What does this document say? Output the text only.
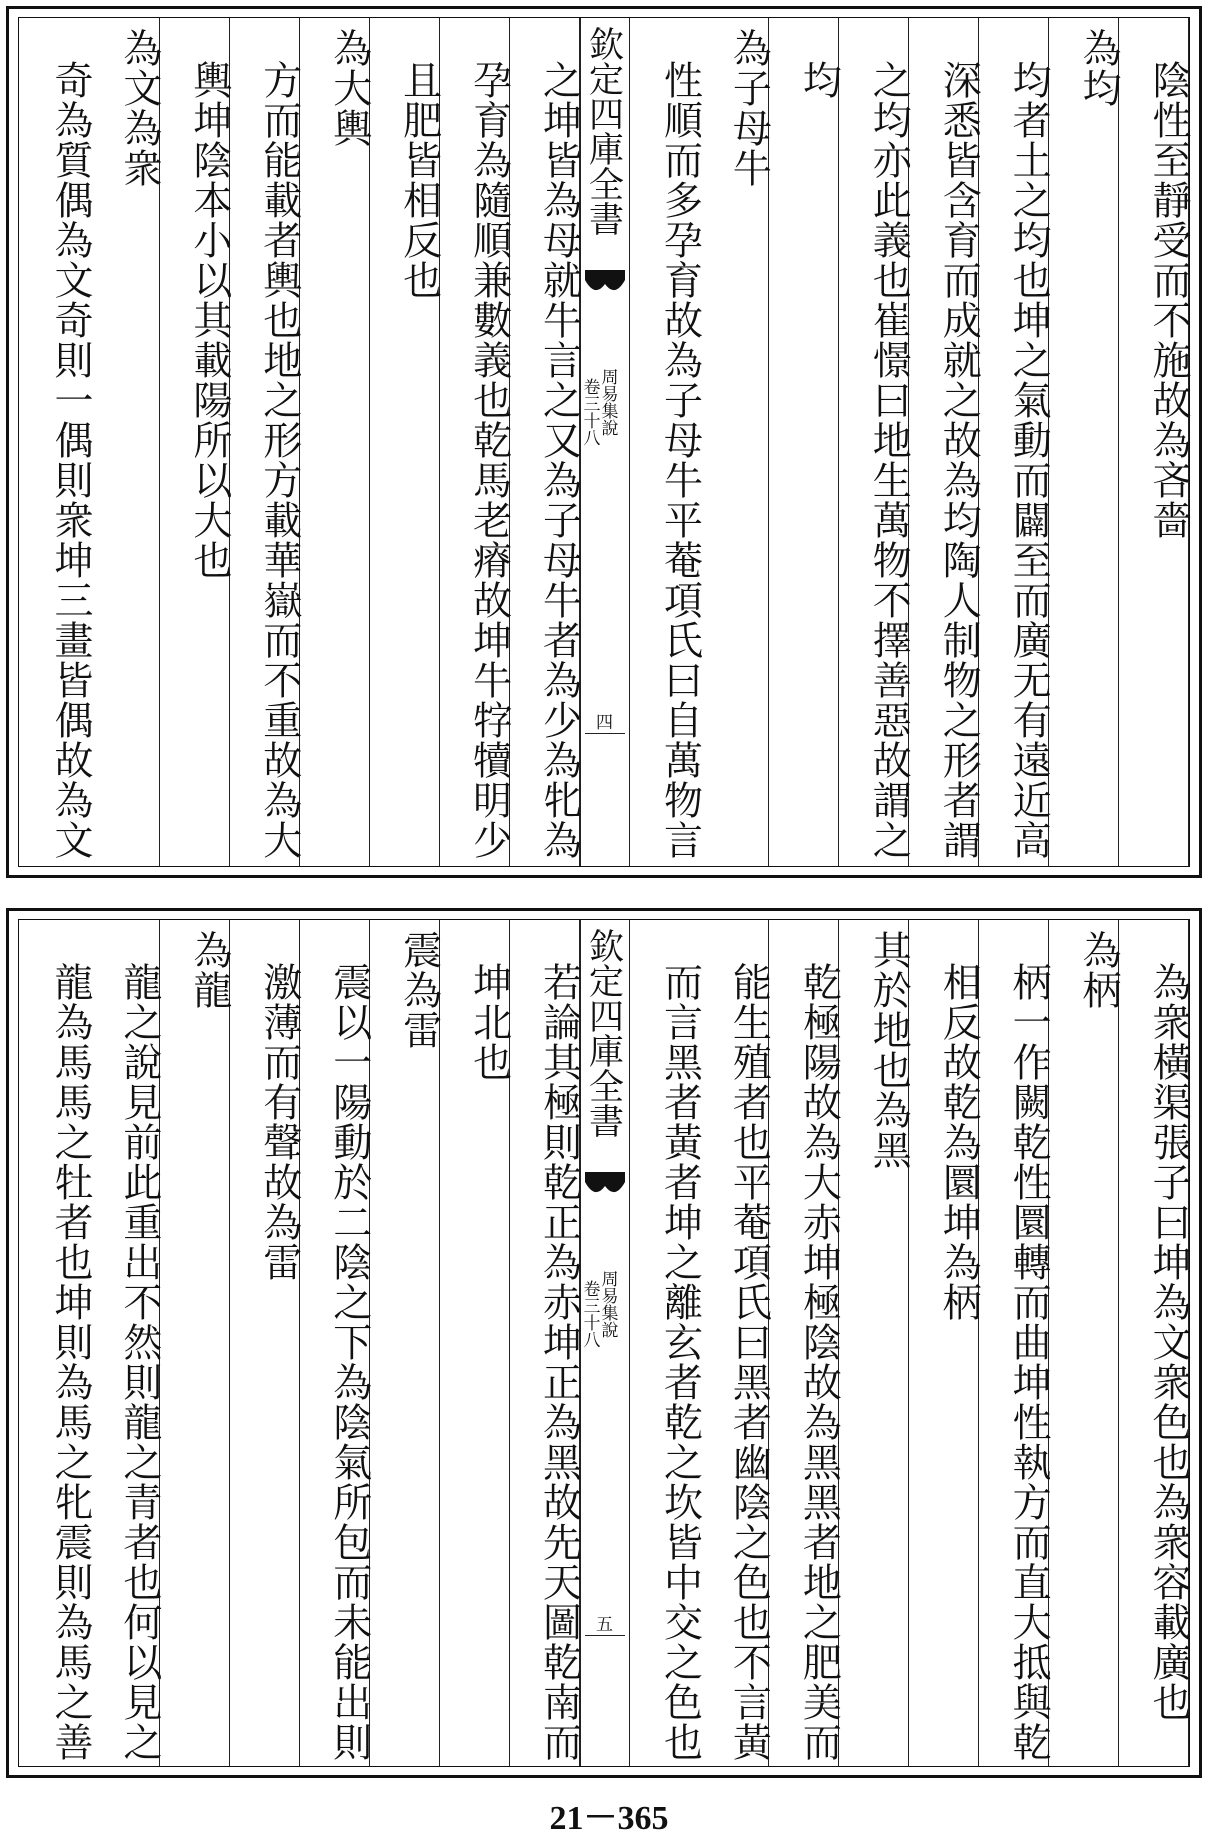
陰性至靜受而不施故為吝嗇
為均
均者土之均也坤之氣動而闢至而廣无有遠近高
深悉皆含育而成就之故為均陶人制物之形者謂
之均亦此義也崔憬曰地生萬物不擇善惡故謂之
均
為子母牛
性順而多孕育故為子母牛平菴項氏曰自萬物言
之坤皆為母就牛言之又為子母牛者為少為牝為
孕育為隨順兼數義也乾馬老瘠故坤牛牸犢明少
且肥皆相反也
為大輿
方而能載者輿也地之形方載華嶽而不重故為大
輿坤陰本小以其載陽所以大也
為文為衆
奇為質偶為文奇則一偶則衆坤三畫皆偶故為文	欽定四庫全書
周易集說
卷三十八
四
為衆橫渠張子曰坤為文衆色也為衆容載廣也
為柄
柄一作闕乾性圜轉而曲坤性執方而直大抵與乾
相反故乾為圜坤為柄
其於地也為黑
乾極陽故為大赤坤極陰故為黑黑者地之肥美而
能生殖者也平菴項氏曰黑者幽陰之色也不言黃
而言黑者黃者坤之離玄者乾之坎皆中交之色也
若論其極則乾正為赤坤正為黑故先天圖乾南而
坤北也
震為雷
震以一陽動於二陰之下為陰氣所包而未能出則
激薄而有聲故為雷
為龍
龍之說見前此重出不然則龍之青者也何以見之
龍為馬馬之牡者也坤則為馬之牝震則為馬之善	欽定四庫全書
周易集說
卷三十八
五
21－365
